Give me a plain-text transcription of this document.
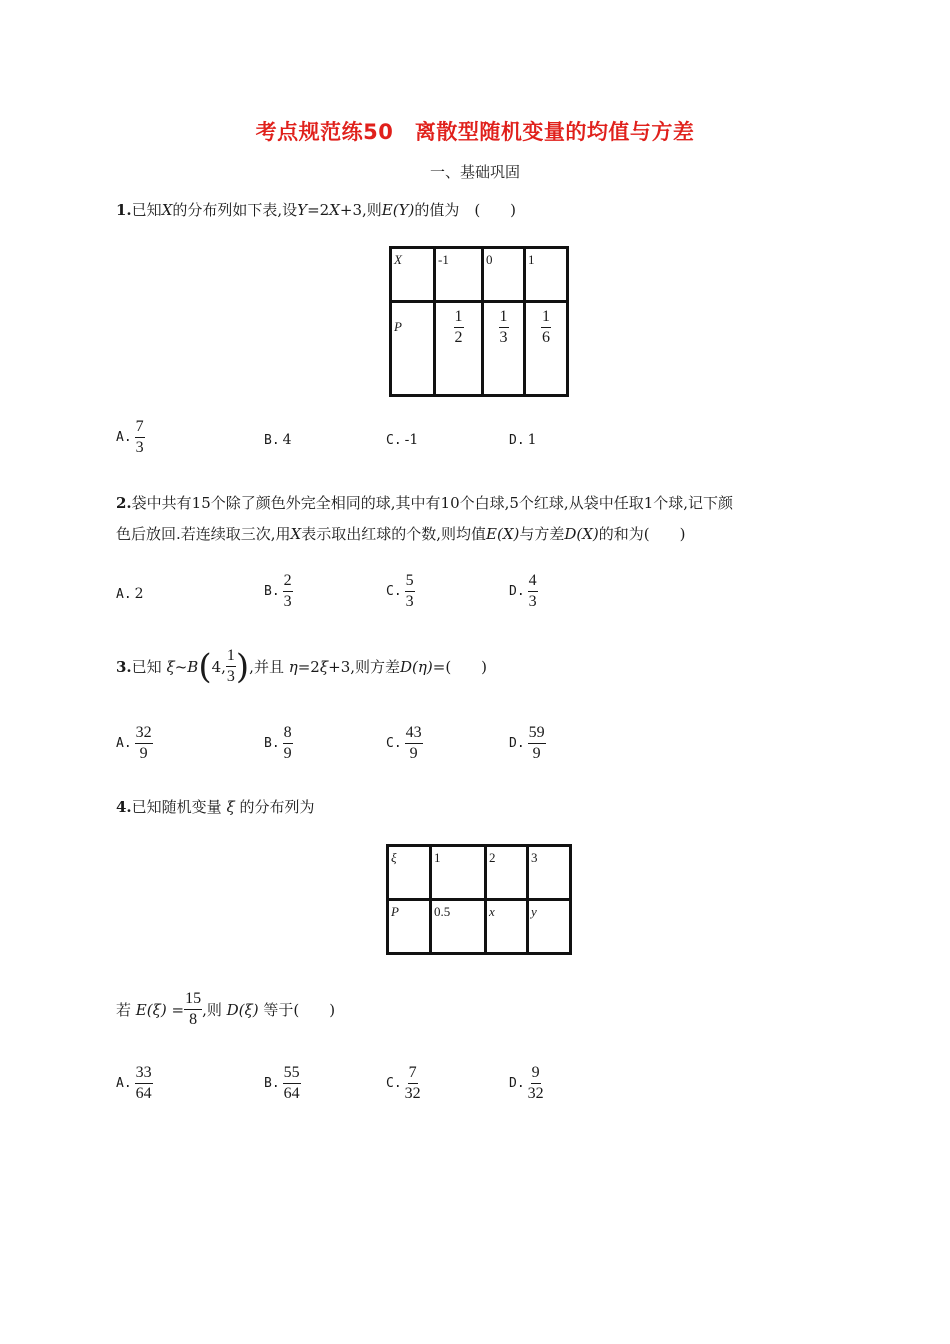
考点规范练50　离散型随机变量的均值与方差
一、基础巩固
1.已知X的分布列如下表,设Y=2X+3,则E(Y)的值为　(　　)
X	-1	0	1
P	$\frac{1}{2}$	$\frac{1}{3}$	$\frac{1}{6}$
A. $\frac{7}{3}$	B. 4	C. -1	D. 1
2.袋中共有15个除了颜色外完全相同的球,其中有10个白球,5个红球,从袋中任取1个球,记下颜
色后放回.若连续取三次,用X表示取出红球的个数,则均值E(X)与方差D(X)的和为(　　)
A. 2	B. $\frac{2}{3}$	C. $\frac{5}{3}$	D. $\frac{4}{3}$
3. 已知
ξ ~B ( 4, $\frac{1}{3}$ ) ,并且
η =2 ξ +3,则方差 D (η) =(　　)
A. $\frac{32}{9}$	B. $\frac{8}{9}$	C. $\frac{43}{9}$	D. $\frac{59}{9}$
4.已知随机变量 ξ 的分布列为
ξ	1	2	3
P	0.5	x	y
若
E (ξ)
= $\frac{15}{8}$ ,则
D (ξ)
等于(　　)
A. $\frac{33}{64}$	B. $\frac{55}{64}$	C. $\frac{7}{32}$	D. $\frac{9}{32}$
